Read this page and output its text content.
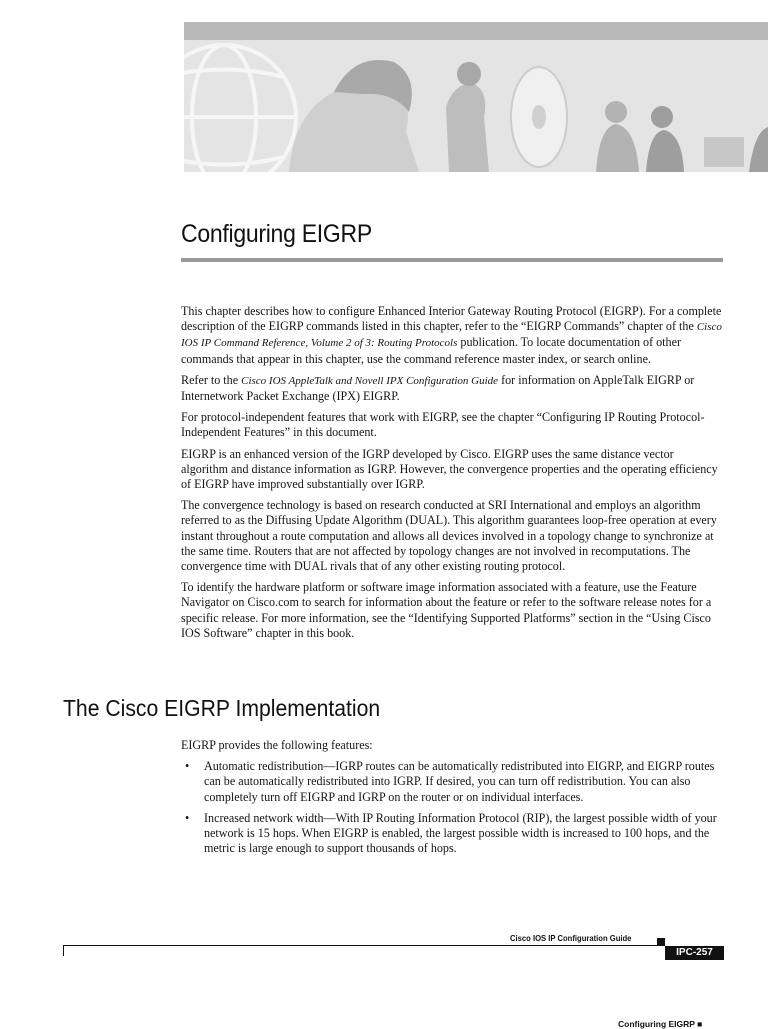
Configuring EIGRP

This chapter describes how to configure Enhanced Interior Gateway Routing Protocol (EIGRP). For a complete description of the EIGRP commands listed in this chapter, refer to the “EIGRP Commands” chapter of the Cisco IOS IP Command Reference, Volume 2 of 3: Routing Protocols publication. To locate documentation of other commands that appear in this chapter, use the command reference master index, or search online.

Refer to the Cisco IOS AppleTalk and Novell IPX Configuration Guide for information on AppleTalk EIGRP or Internetwork Packet Exchange (IPX) EIGRP.

For protocol-independent features that work with EIGRP, see the chapter “Configuring IP Routing Protocol-Independent Features” in this document.

EIGRP is an enhanced version of the IGRP developed by Cisco. EIGRP uses the same distance vector algorithm and distance information as IGRP. However, the convergence properties and the operating efficiency of EIGRP have improved substantially over IGRP.

The convergence technology is based on research conducted at SRI International and employs an algorithm referred to as the Diffusing Update Algorithm (DUAL). This algorithm guarantees loop-free operation at every instant throughout a route computation and allows all devices involved in a topology change to synchronize at the same time. Routers that are not affected by topology changes are not involved in recomputations. The convergence time with DUAL rivals that of any other existing routing protocol.

To identify the hardware platform or software image information associated with a feature, use the Feature Navigator on Cisco.com to search for information about the feature or refer to the software release notes for a specific release. For more information, see the “Identifying Supported Platforms” section in the “Using Cisco IOS Software” chapter in this book.

The Cisco EIGRP Implementation

EIGRP provides the following features:

• Automatic redistribution—IGRP routes can be automatically redistributed into EIGRP, and EIGRP routes can be automatically redistributed into IGRP. If desired, you can turn off redistribution. You can also completely turn off EIGRP and IGRP on the router or on individual interfaces.
• Increased network width—With IP Routing Information Protocol (RIP), the largest possible width of your network is 15 hops. When EIGRP is enabled, the largest possible width is increased to 100 hops, and the metric is large enough to support thousands of hops.
Cisco IOS IP Configuration Guide
IPC-257
Configuring EIGRP ■
